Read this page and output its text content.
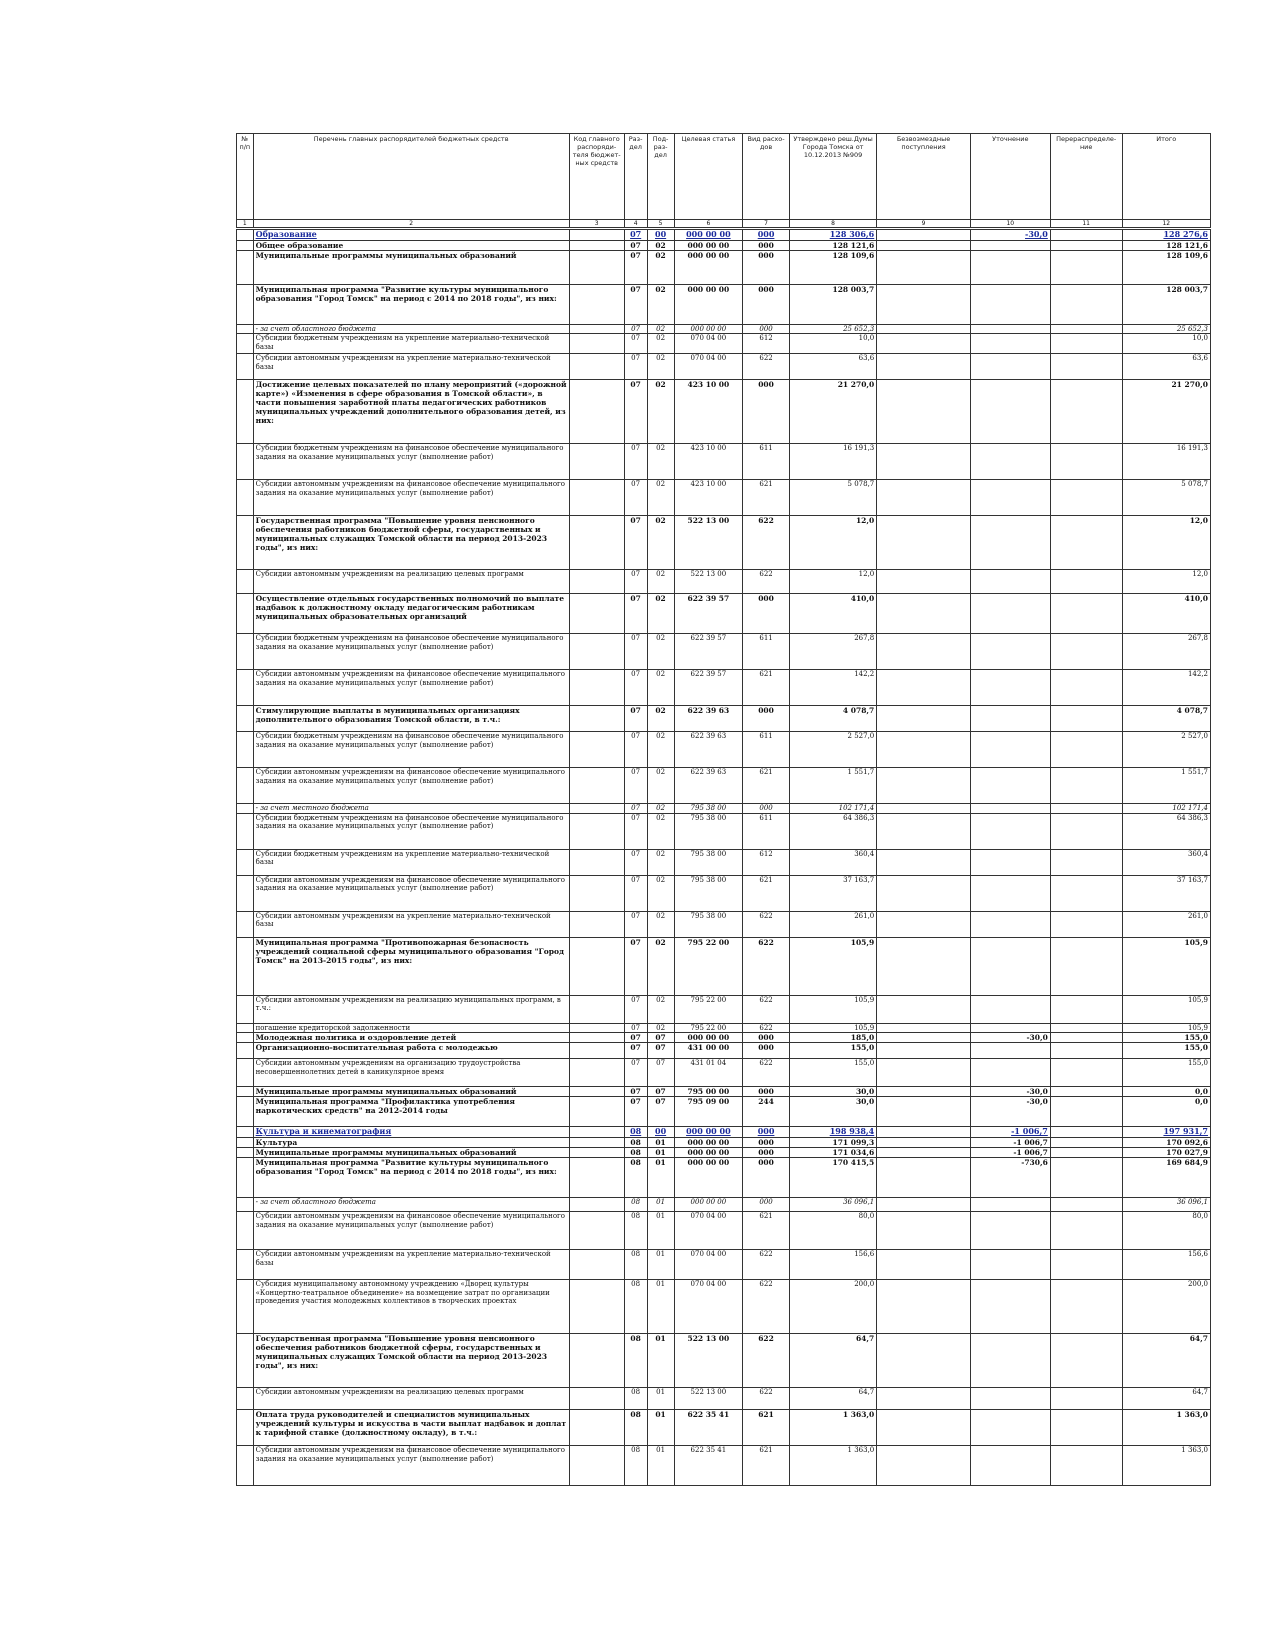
№ п/п	Перечень главных распорядителей бюджетных средств	Код главного распоряди-теля бюджет-ных средств	Раз-дел	Под-раз-дел	Целевая статья	Вид расхо-дов	Утверждено реш.Думы Города Томска от 10.12.2013 №909	Безвозмездные поступления	Уточнение	Перераспределе-ние	Итого
1	2	3	4	5	6	7	8	9	10	11	12
	Образование		07	00	000 00 00	000	128 306,6		-30,0		128 276,6
	Общее образование		07	02	000 00 00	000	128 121,6				128 121,6
	Муниципальные программы муниципальных образований		07	02	000 00 00	000	128 109,6				128 109,6
	Муниципальная программа "Развитие культуры муниципального образования "Город Томск" на период с 2014 по 2018 годы", из них:		07	02	000 00 00	000	128 003,7				128 003,7
	- за счет областного бюджета		07	02	000 00 00	000	25 652,3				25 652,3
	Субсидии бюджетным учреждениям на укрепление материально-технической базы		07	02	070 04 00	612	10,0				10,0
	Субсидии автономным учреждениям на укрепление материально-технической базы		07	02	070 04 00	622	63,6				63,6
	Достижение целевых показателей по плану мероприятий («дорожной карте») «Изменения в сфере образования в Томской области», в части повышения заработной платы педагогических работников муниципальных учреждений дополнительного образования детей, из них:		07	02	423 10 00	000	21 270,0				21 270,0
	Субсидии бюджетным учреждениям на финансовое обеспечение муниципального задания на оказание муниципальных услуг (выполнение работ)		07	02	423 10 00	611	16 191,3				16 191,3
	Субсидии автономным учреждениям на финансовое обеспечение муниципального задания на оказание муниципальных услуг (выполнение работ)		07	02	423 10 00	621	5 078,7				5 078,7
	Государственная программа "Повышение уровня пенсионного обеспечения работников бюджетной сферы, государственных и муниципальных служащих Томской области на период 2013-2023 годы", из них:		07	02	522 13 00	622	12,0				12,0
	Субсидии автономным учреждениям на реализацию целевых программ		07	02	522 13 00	622	12,0				12,0
	Осуществление отдельных государственных полномочий по выплате надбавок к должностному окладу педагогическим работникам муниципальных образовательных организаций		07	02	622 39 57	000	410,0				410,0
	Субсидии бюджетным учреждениям на финансовое обеспечение муниципального задания на оказание муниципальных услуг (выполнение работ)		07	02	622 39 57	611	267,8				267,8
	Субсидии автономным учреждениям на финансовое обеспечение муниципального задания на оказание муниципальных услуг (выполнение работ)		07	02	622 39 57	621	142,2				142,2
	Стимулирующие выплаты в муниципальных организациях дополнительного образования Томской области, в т.ч.:		07	02	622 39 63	000	4 078,7				4 078,7
	Субсидии бюджетным учреждениям на финансовое обеспечение муниципального задания на оказание муниципальных услуг (выполнение работ)		07	02	622 39 63	611	2 527,0				2 527,0
	Субсидии автономным учреждениям на финансовое обеспечение муниципального задания на оказание муниципальных услуг (выполнение работ)		07	02	622 39 63	621	1 551,7				1 551,7
	- за счет местного бюджета		07	02	795 38 00	000	102 171,4				102 171,4
	Субсидии бюджетным учреждениям на финансовое обеспечение муниципального задания на оказание муниципальных услуг (выполнение работ)		07	02	795 38 00	611	64 386,3				64 386,3
	Субсидии бюджетным учреждениям на укрепление материально-технической базы		07	02	795 38 00	612	360,4				360,4
	Субсидии автономным учреждениям на финансовое обеспечение муниципального задания на оказание муниципальных услуг (выполнение работ)		07	02	795 38 00	621	37 163,7				37 163,7
	Субсидии автономным учреждениям на укрепление материально-технической базы		07	02	795 38 00	622	261,0				261,0
	Муниципальная программа "Противопожарная безопасность учреждений социальной сферы муниципального образования "Город Томск" на 2013-2015 годы", из них:		07	02	795 22 00	622	105,9				105,9
	Субсидии автономным учреждениям на реализацию муниципальных программ, в т.ч.:		07	02	795 22 00	622	105,9				105,9
	погашение кредиторской задолженности		07	02	795 22 00	622	105,9				105,9
	Молодежная политика и оздоровление детей		07	07	000 00 00	000	185,0		-30,0		155,0
	Организационно-воспитательная работа с молодежью		07	07	431 00 00	000	155,0				155,0
	Субсидии автономным учреждениям на организацию трудоустройства несовершеннолетних детей в каникулярное время		07	07	431 01 04	622	155,0				155,0
	Муниципальные программы муниципальных образований		07	07	795 00 00	000	30,0		-30,0		0,0
	Муниципальная программа "Профилактика употребления наркотических средств" на 2012-2014 годы		07	07	795 09 00	244	30,0		-30,0		0,0
	Культура и кинематография		08	00	000 00 00	000	198 938,4		-1 006,7		197 931,7
	Культура		08	01	000 00 00	000	171 099,3		-1 006,7		170 092,6
	Муниципальные программы муниципальных образований		08	01	000 00 00	000	171 034,6		-1 006,7		170 027,9
	Муниципальная программа "Развитие культуры муниципального образования "Город Томск" на период с 2014 по 2018 годы", из них:		08	01	000 00 00	000	170 415,5		-730,6		169 684,9
	- за счет областного бюджета		08	01	000 00 00	000	36 096,1				36 096,1
	Субсидии автономным учреждениям на финансовое обеспечение муниципального задания на оказание муниципальных услуг (выполнение работ)		08	01	070 04 00	621	80,0				80,0
	Субсидии автономным учреждениям на укрепление материально-технической базы		08	01	070 04 00	622	156,6				156,6
	Субсидия муниципальному автономному учреждению «Дворец культуры «Концертно-театральное объединение» на возмещение затрат по организации проведения участия молодежных коллективов в творческих проектах		08	01	070 04 00	622	200,0				200,0
	Государственная программа "Повышение уровня пенсионного обеспечения работников бюджетной сферы, государственных и муниципальных служащих Томской области на период 2013-2023 годы", из них:		08	01	522 13 00	622	64,7				64,7
	Субсидии автономным учреждениям на реализацию целевых программ		08	01	522 13 00	622	64,7				64,7
	Оплата труда руководителей и специалистов муниципальных учреждений культуры и искусства в части выплат надбавок и доплат к тарифной ставке (должностному окладу), в т.ч.:		08	01	622 35 41	621	1 363,0				1 363,0
	Субсидии автономным учреждениям на финансовое обеспечение муниципального задания на оказание муниципальных услуг (выполнение работ)		08	01	622 35 41	621	1 363,0				1 363,0
